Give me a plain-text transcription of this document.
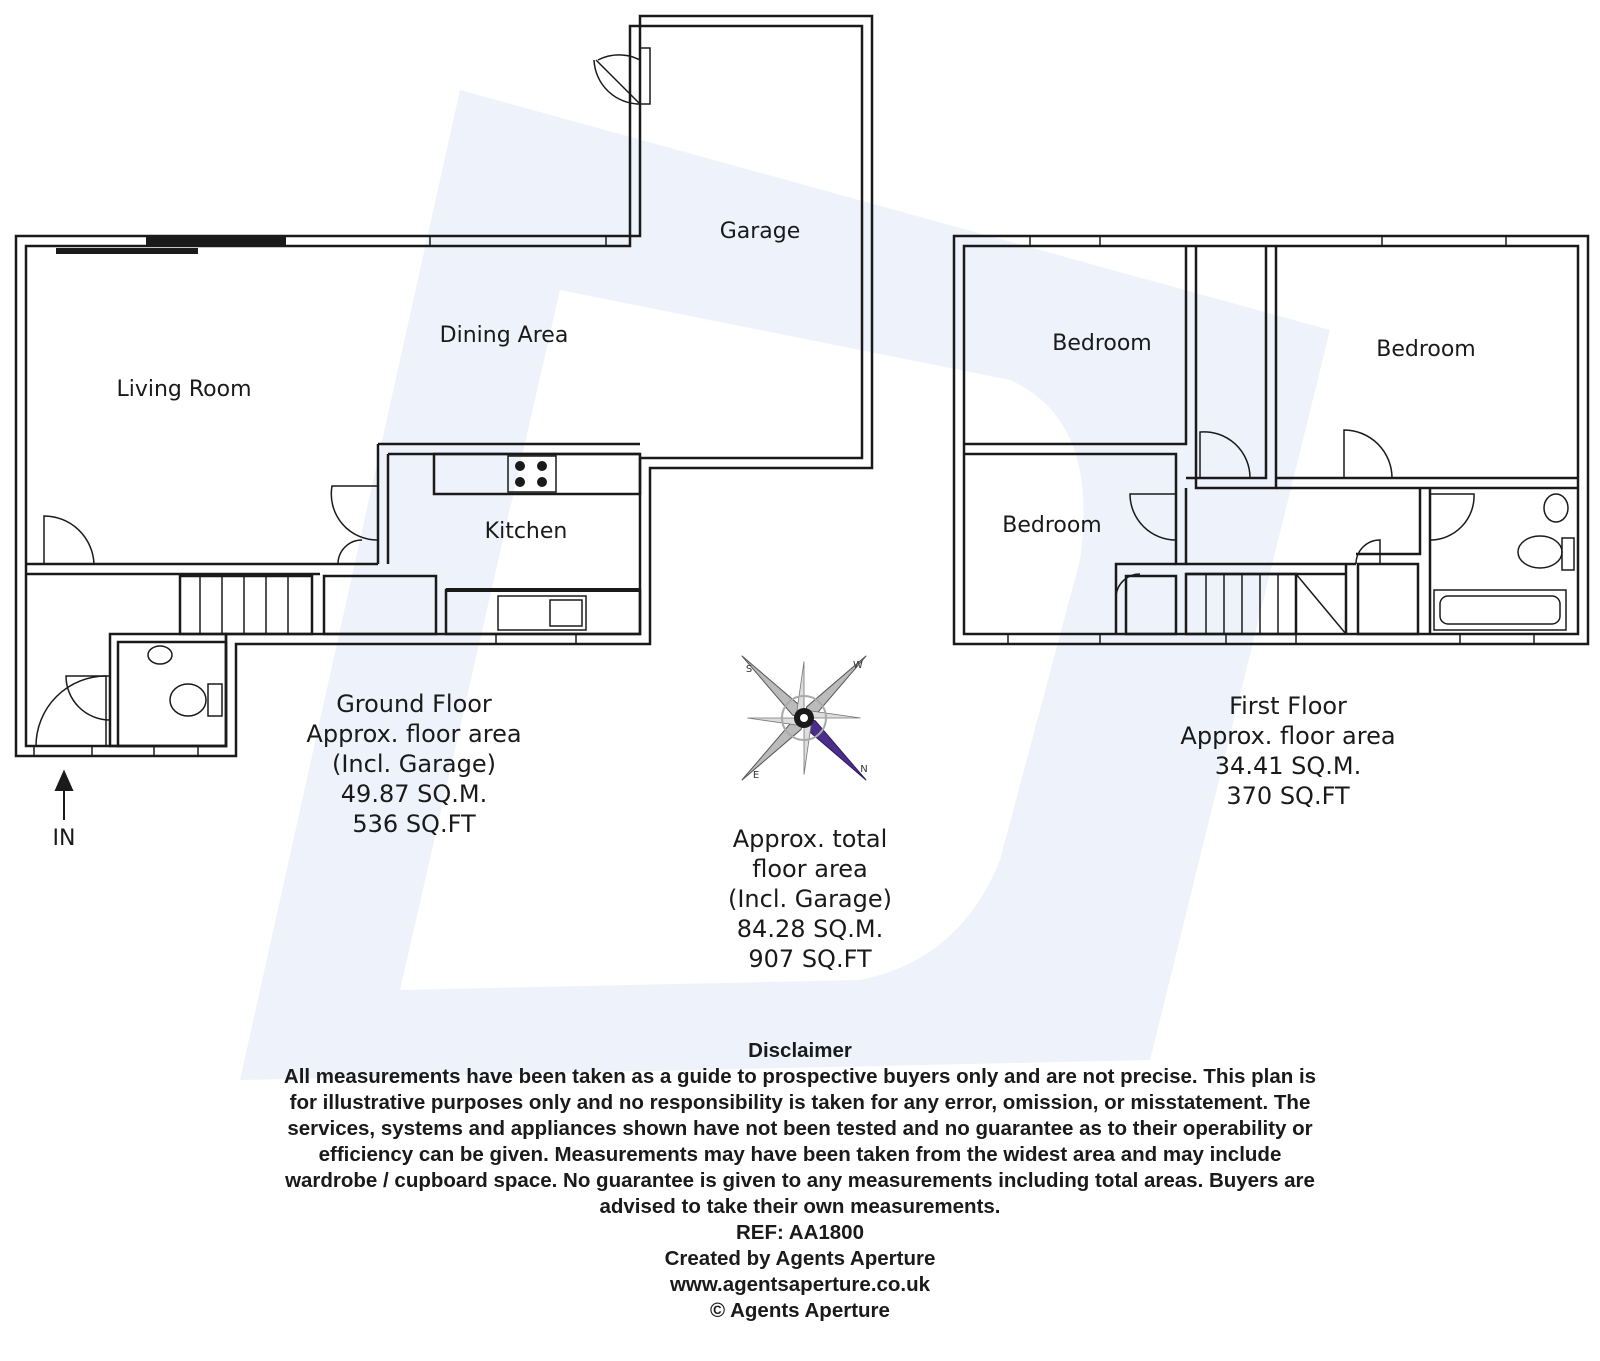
IN
Living Room
Dining Area
Kitchen
Garage
Ground Floor
Approx. floor area
(Incl. Garage)
49.87 SQ.M.
536 SQ.FT
Bedroom	Bedroom
Bedroom
First Floor
Approx. floor area
34.41 SQ.M.
370 SQ.FT
S	W
E
N
Approx. total
floor area
(Incl. Garage)
84.28 SQ.M.
907 SQ.FT
Disclaimer
All measurements have been taken as a guide to prospective buyers only and are not precise. This plan is
for illustrative purposes only and no responsibility is taken for any error, omission, or misstatement. The
services, systems and appliances shown have not been tested and no guarantee as to their operability or
efficiency can be given. Measurements may have been taken from the widest area and may include
wardrobe / cupboard space. No guarantee is given to any measurements including total areas. Buyers are
advised to take their own measurements.
REF: AA1800
Created by Agents Aperture
www.agentsaperture.co.uk
© Agents Aperture
